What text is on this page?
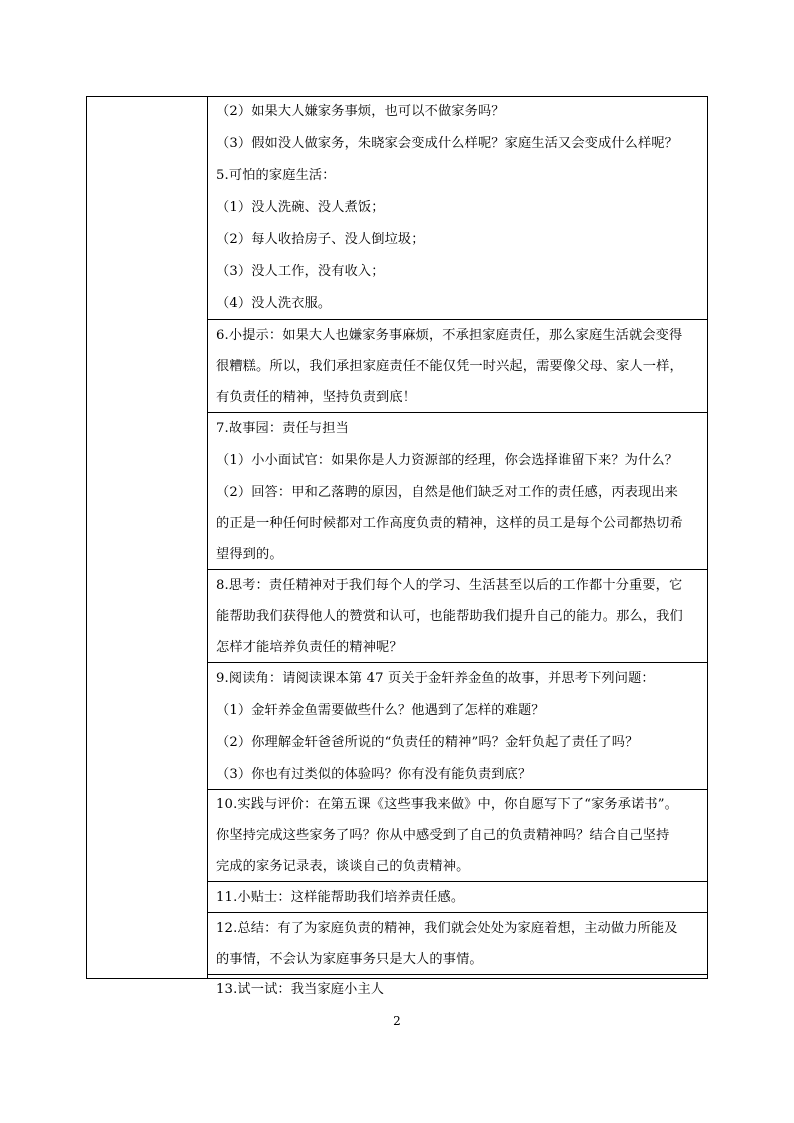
（2）如果大人嫌家务事烦，也可以不做家务吗？
（3）假如没人做家务，朱晓家会变成什么样呢？家庭生活又会变成什么样呢？
5.可怕的家庭生活：
（1）没人洗碗、没人煮饭；
（2）每人收拾房子、没人倒垃圾；
（3）没人工作，没有收入；
（4）没人洗衣服。
6.小提示：如果大人也嫌家务事麻烦，不承担家庭责任，那么家庭生活就会变得
很糟糕。所以，我们承担家庭责任不能仅凭一时兴起，需要像父母、家人一样，
有负责任的精神，坚持负责到底！
7.故事园：责任与担当
（1）小小面试官：如果你是人力资源部的经理，你会选择谁留下来？为什么？
（2）回答：甲和乙落聘的原因，自然是他们缺乏对工作的责任感，丙表现出来
的正是一种任何时候都对工作高度负责的精神，这样的员工是每个公司都热切希
望得到的。
8.思考：责任精神对于我们每个人的学习、生活甚至以后的工作都十分重要，它
能帮助我们获得他人的赞赏和认可，也能帮助我们提升自己的能力。那么，我们
怎样才能培养负责任的精神呢？
9.阅读角：请阅读课本第 47 页关于金轩养金鱼的故事，并思考下列问题：
（1）金轩养金鱼需要做些什么？他遇到了怎样的难题？
（2）你理解金轩爸爸所说的“负责任的精神”吗？金轩负起了责任了吗？
（3）你也有过类似的体验吗？你有没有能负责到底？
10.实践与评价：在第五课《这些事我来做》中，你自愿写下了“家务承诺书”。
你坚持完成这些家务了吗？你从中感受到了自己的负责精神吗？结合自己坚持
完成的家务记录表，谈谈自己的负责精神。
11.小贴士：这样能帮助我们培养责任感。
12.总结：有了为家庭负责的精神，我们就会处处为家庭着想，主动做力所能及
的事情，不会认为家庭事务只是大人的事情。
13.试一试：我当家庭小主人
2
